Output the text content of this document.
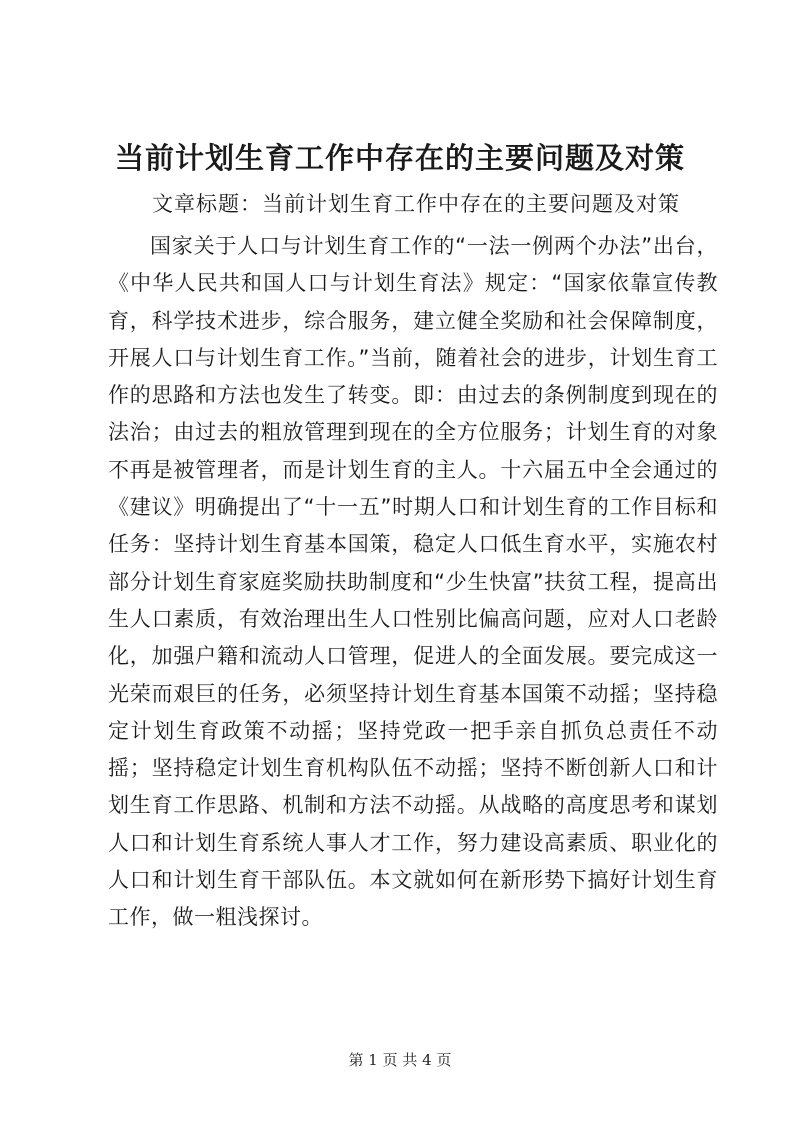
当前计划生育工作中存在的主要问题及对策

文章标题：当前计划生育工作中存在的主要问题及对策

国家关于人口与计划生育工作的“一法一例两个办法”出台，《中华人民共和国人口与计划生育法》规定：“国家依靠宣传教育，科学技术进步，综合服务，建立健全奖励和社会保障制度，开展人口与计划生育工作。”当前，随着社会的进步，计划生育工作的思路和方法也发生了转变。即：由过去的条例制度到现在的法治；由过去的粗放管理到现在的全方位服务；计划生育的对象不再是被管理者，而是计划生育的主人。十六届五中全会通过的《建议》明确提出了“十一五”时期人口和计划生育的工作目标和任务：坚持计划生育基本国策，稳定人口低生育水平，实施农村部分计划生育家庭奖励扶助制度和“少生快富”扶贫工程，提高出生人口素质，有效治理出生人口性别比偏高问题，应对人口老龄化，加强户籍和流动人口管理，促进人的全面发展。要完成这一光荣而艰巨的任务，必须坚持计划生育基本国策不动摇；坚持稳定计划生育政策不动摇；坚持党政一把手亲自抓负总责任不动摇；坚持稳定计划生育机构队伍不动摇；坚持不断创新人口和计划生育工作思路、机制和方法不动摇。从战略的高度思考和谋划人口和计划生育系统人事人才工作，努力建设高素质、职业化的人口和计划生育干部队伍。本文就如何在新形势下搞好计划生育工作，做一粗浅探讨。

第 1 页 共 4 页
